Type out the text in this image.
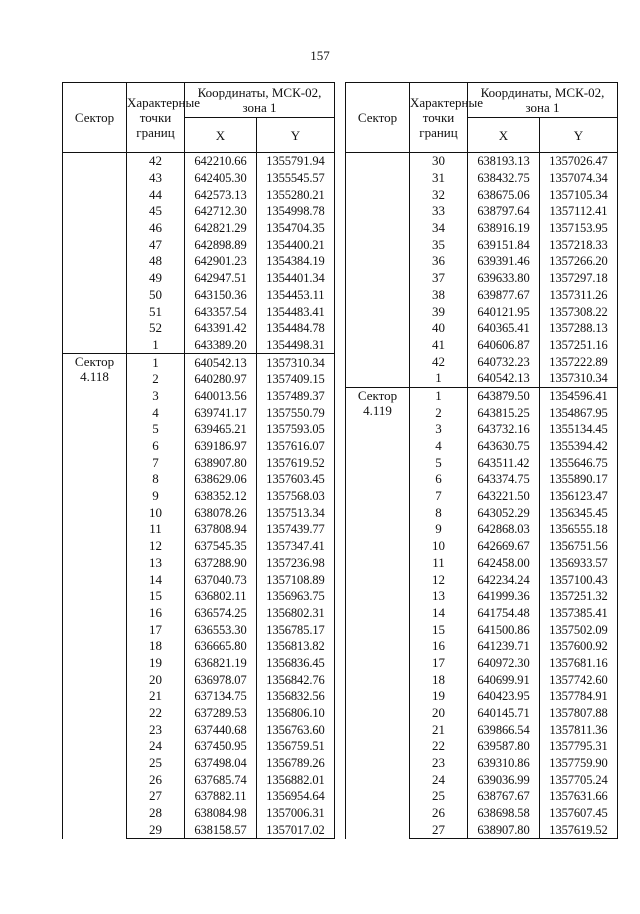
157
Сектор	Характерные точки границ	Координаты, МСК-02, зона 1	
		X	Y
	42	642210.66	1355791.94
	43	642405.30	1355545.57
	44	642573.13	1355280.21
	45	642712.30	1354998.78
	46	642821.29	1354704.35
	47	642898.89	1354400.21
	48	642901.23	1354384.19
	49	642947.51	1354401.34
	50	643150.36	1354453.11
	51	643357.54	1354483.41
	52	643391.42	1354484.78
	1	643389.20	1354498.31
Сектор 4.118	1	640542.13	1357310.34
	2	640280.97	1357409.15
	3	640013.56	1357489.37
	4	639741.17	1357550.79
	5	639465.21	1357593.05
	6	639186.97	1357616.07
	7	638907.80	1357619.52
	8	638629.06	1357603.45
	9	638352.12	1357568.03
	10	638078.26	1357513.34
	11	637808.94	1357439.77
	12	637545.35	1357347.41
	13	637288.90	1357236.98
	14	637040.73	1357108.89
	15	636802.11	1356963.75
	16	636574.25	1356802.31
	17	636553.30	1356785.17
	18	636665.80	1356813.82
	19	636821.19	1356836.45
	20	636978.07	1356842.76
	21	637134.75	1356832.56
	22	637289.53	1356806.10
	23	637440.68	1356763.60
	24	637450.95	1356759.51
	25	637498.04	1356789.26
	26	637685.74	1356882.01
	27	637882.11	1356954.64
	28	638084.98	1357006.31
	29	638158.57	1357017.02
Сектор	Характерные точки границ	Координаты, МСК-02, зона 1	
		X	Y
	30	638193.13	1357026.47
	31	638432.75	1357074.34
	32	638675.06	1357105.34
	33	638797.64	1357112.41
	34	638916.19	1357153.95
	35	639151.84	1357218.33
	36	639391.46	1357266.20
	37	639633.80	1357297.18
	38	639877.67	1357311.26
	39	640121.95	1357308.22
	40	640365.41	1357288.13
	41	640606.87	1357251.16
	42	640732.23	1357222.89
	1	640542.13	1357310.34
Сектор 4.119	1	643879.50	1354596.41
	2	643815.25	1354867.95
	3	643732.16	1355134.45
	4	643630.75	1355394.42
	5	643511.42	1355646.75
	6	643374.75	1355890.17
	7	643221.50	1356123.47
	8	643052.29	1356345.45
	9	642868.03	1356555.18
	10	642669.67	1356751.56
	11	642458.00	1356933.57
	12	642234.24	1357100.43
	13	641999.36	1357251.32
	14	641754.48	1357385.41
	15	641500.86	1357502.09
	16	641239.71	1357600.92
	17	640972.30	1357681.16
	18	640699.91	1357742.60
	19	640423.95	1357784.91
	20	640145.71	1357807.88
	21	639866.54	1357811.36
	22	639587.80	1357795.31
	23	639310.86	1357759.90
	24	639036.99	1357705.24
	25	638767.67	1357631.66
	26	638698.58	1357607.45
	27	638907.80	1357619.52
